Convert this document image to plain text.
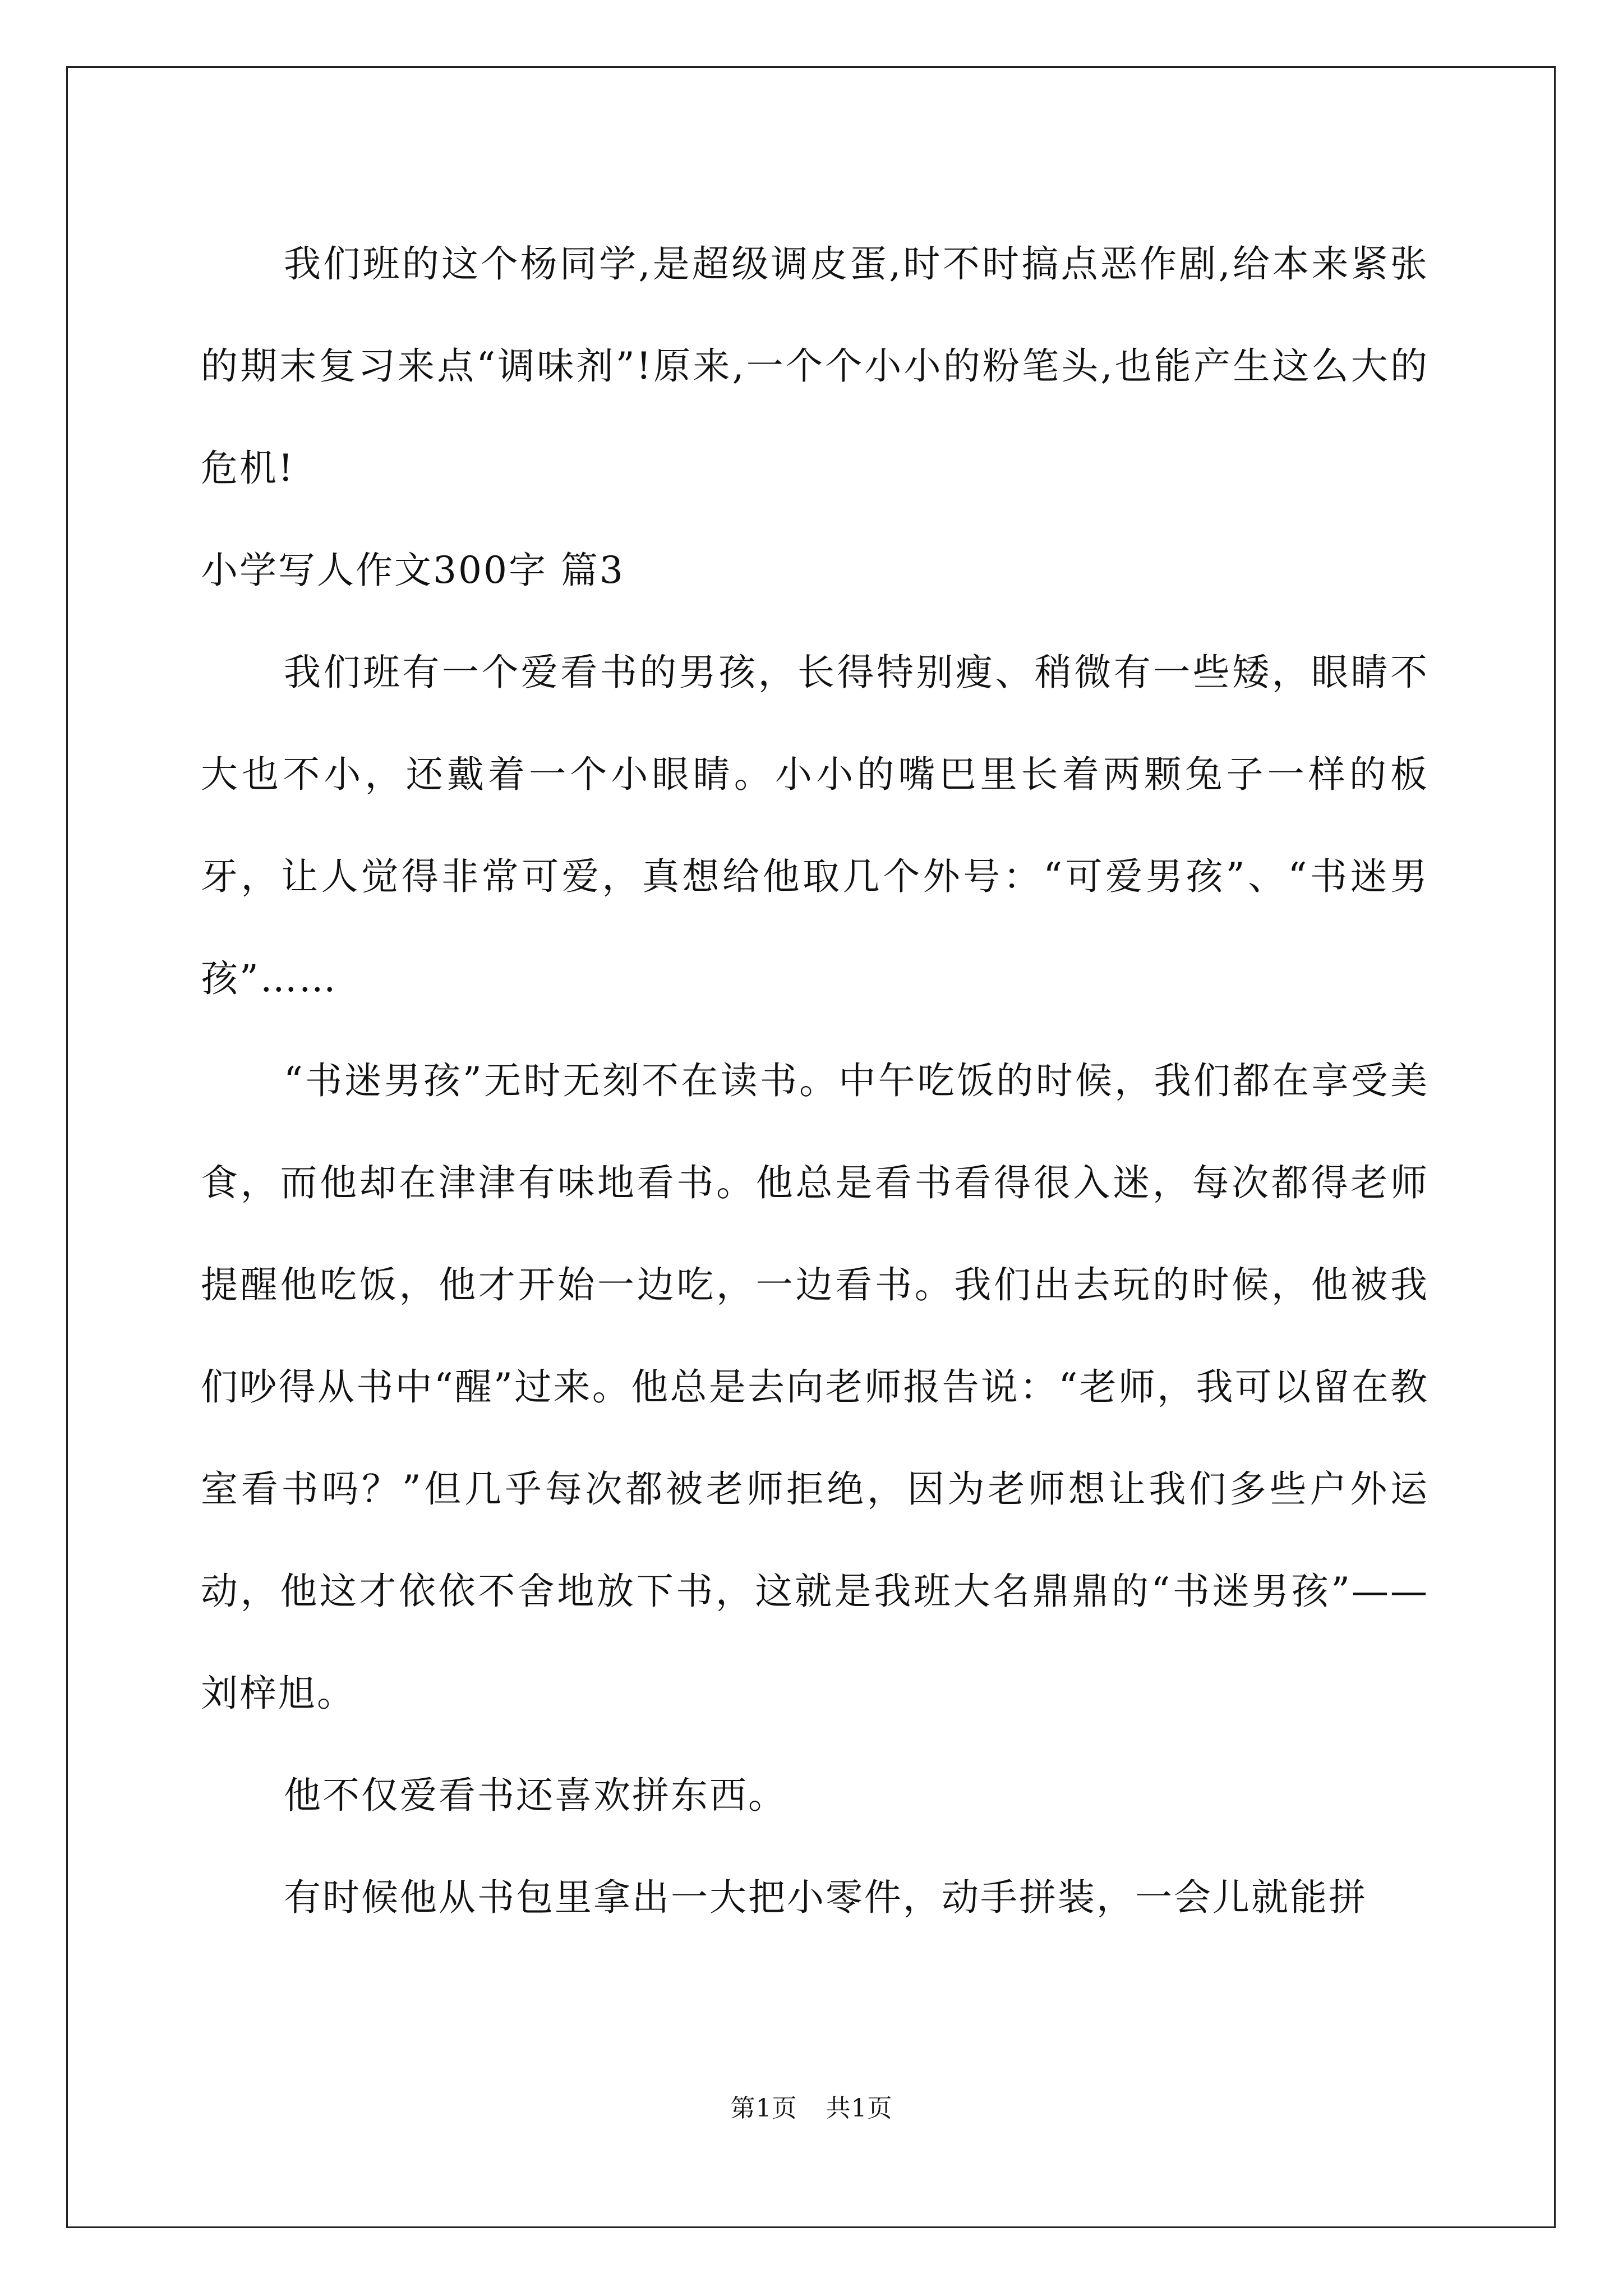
我们班的这个杨同学,是超级调皮蛋,时不时搞点恶作剧,给本来紧张的期末复习来点“调味剂”!原来,一个个小小的粉笔头,也能产生这么大的危机!

小学写人作文300字 篇3

我们班有一个爱看书的男孩，长得特别瘦、稍微有一些矮，眼睛不大也不小，还戴着一个小眼睛。小小的嘴巴里长着两颗兔子一样的板牙，让人觉得非常可爱，真想给他取几个外号：“可爱男孩”、“书迷男孩”……

“书迷男孩”无时无刻不在读书。中午吃饭的时候，我们都在享受美食，而他却在津津有味地看书。他总是看书看得很入迷，每次都得老师提醒他吃饭，他才开始一边吃，一边看书。我们出去玩的时候，他被我们吵得从书中“醒”过来。他总是去向老师报告说：“老师，我可以留在教室看书吗？”但几乎每次都被老师拒绝，因为老师想让我们多些户外运动，他这才依依不舍地放下书，这就是我班大名鼎鼎的“书迷男孩”——刘梓旭。

他不仅爱看书还喜欢拼东西。

有时候他从书包里拿出一大把小零件，动手拼装，一会儿就能拼

第1页 共1页
